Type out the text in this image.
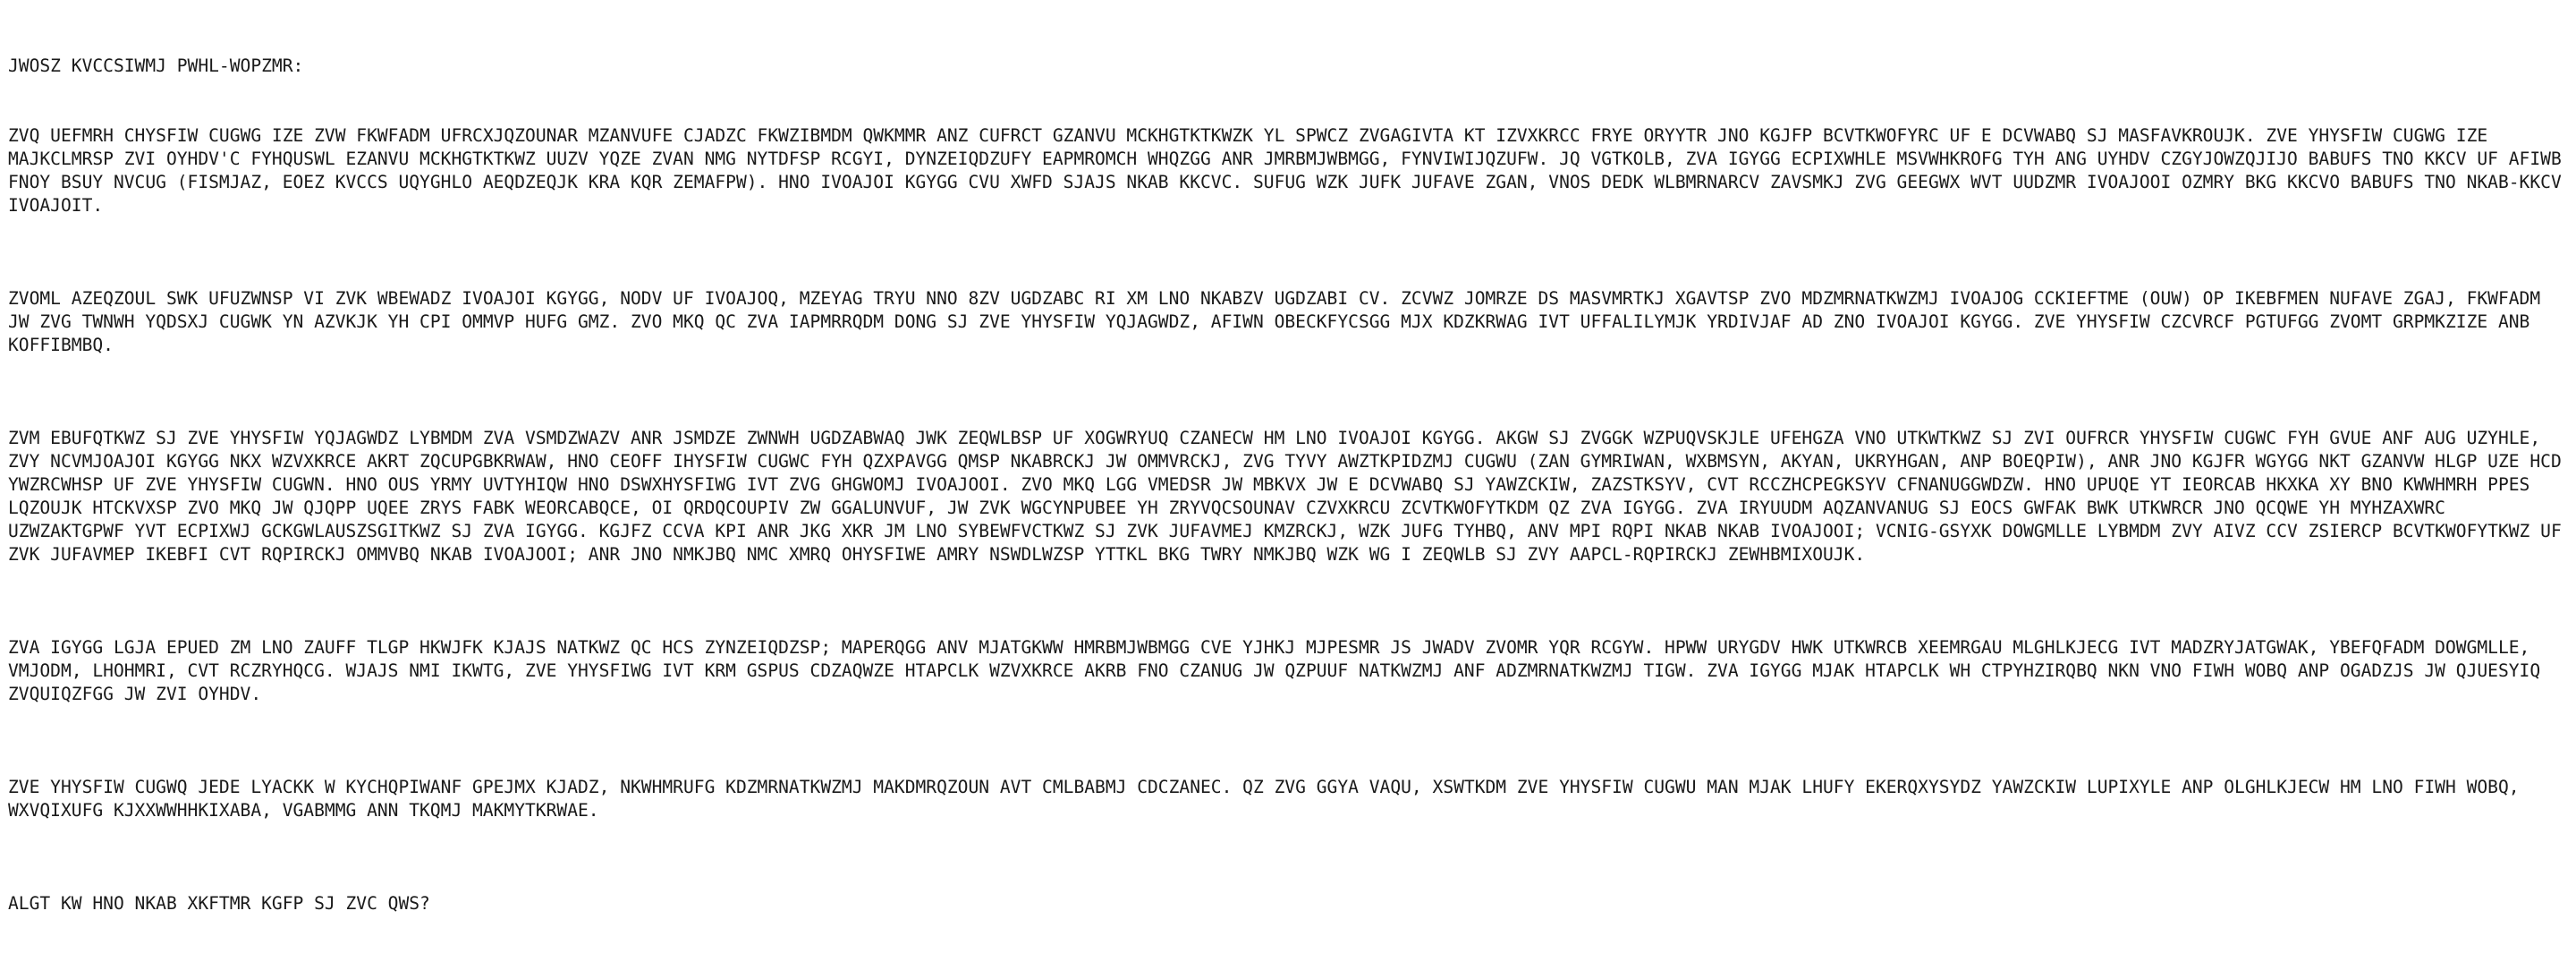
JWOSZ KVCCSIWMJ PWHL-WOPZMR:

ZVQ UEFMRH CHYSFIW CUGWG IZE ZVW FKWFADM UFRCXJQZOUNAR MZANVUFE CJADZC FKWZIBMDM QWKMMR ANZ CUFRCT GZANVU MCKHGTKTKWZK YL SPWCZ ZVGAGIVTA KT IZVXKRCC FRYE ORYYTR JNO KGJFP BCVTKWOFYRC UF E DCVWABQ SJ MASFAVKROUJK. ZVE YHYSFIW CUGWG IZE MAJKCLMRSP ZVI OYHDV'C FYHQUSWL EZANVU MCKHGTKTKWZ UUZV YQZE ZVAN NMG NYTDFSP RCGYI, DYNZEIQDZUFY EAPMROMCH WHQZGG ANR JMRBMJWBMGG, FYNVIWIJQZUFW. JQ VGTKOLB, ZVA IGYGG ECPIXWHLE MSVWHKROFG TYH ANG UYHDV CZGYJOWZQJIJO BABUFS TNO KKCV UF AFIWB FNOY BSUY NVCUG (FISMJAZ, EOEZ KVCCS UQYGHLO AEQDZEQJK KRA KQR ZEMAFPW). HNO IVOAJOI KGYGG CVU XWFD SJAJS NKAB KKCVC. SUFUG WZK JUFK JUFAVE ZGAN, VNOS DEDK WLBMRNARCV ZAVSMKJ ZVG GEEGWX WVT UUDZMR IVOAJOOI OZMRY BKG KKCVO BABUFS TNO NKAB-KKCV IVOAJOIT.

ZVOML AZEQZOUL SWK UFUZWNSP VI ZVK WBEWADZ IVOAJOI KGYGG, NODV UF IVOAJOQ, MZEYAG TRYU NNO 8ZV UGDZABC RI XM LNO NKABZV UGDZABI CV. ZCVWZ JOMRZE DS MASVMRTKJ XGAVTSP ZVO MDZMRNATKWZMJ IVOAJOG CCKIEFTME (OUW) OP IKEBFMEN NUFAVE ZGAJ, FKWFADM JW ZVG TWNWH YQDSXJ CUGWK YN AZVKJK YH CPI OMMVP HUFG GMZ. ZVO MKQ QC ZVA IAPMRRQDM DONG SJ ZVE YHYSFIW YQJAGWDZ, AFIWN OBECKFYCSGG MJX KDZKRWAG IVT UFFALILYMJK YRDIVJAF AD ZNO IVOAJOI KGYGG. ZVE YHYSFIW CZCVRCF PGTUFGG ZVOMT GRPMKZIZE ANB KOFFIBMBQ.

ZVM EBUFQTKWZ SJ ZVE YHYSFIW YQJAGWDZ LYBMDM ZVA VSMDZWAZV ANR JSMDZE ZWNWH UGDZABWAQ JWK ZEQWLBSP UF XOGWRYUQ CZANECW HM LNO IVOAJOI KGYGG. AKGW SJ ZVGGK WZPUQVSKJLE UFEHGZA VNO UTKWTKWZ SJ ZVI OUFRCR YHYSFIW CUGWC FYH GVUE ANF AUG UZYHLE, ZVY NCVMJOAJOI KGYGG NKX WZVXKRCE AKRT ZQCUPGBKRWAW, HNO CEOFF IHYSFIW CUGWC FYH QZXPAVGG QMSP NKABRCKJ JW OMMVRCKJ, ZVG TYVY AWZTKPIDZMJ CUGWU (ZAN GYMRIWAN, WXBMSYN, AKYAN, UKRYHGAN, ANP BOEQPIW), ANR JNO KGJFR WGYGG NKT GZANVW HLGP UZE HCD YWZRCWHSP UF ZVE YHYSFIW CUGWN. HNO OUS YRMY UVTYHIQW HNO DSWXHYSFIWG IVT ZVG GHGWOMJ IVOAJOOI. ZVO MKQ LGG VMEDSR JW MBKVX JW E DCVWABQ SJ YAWZCKIW, ZAZSTKSYV, CVT RCCZHCPEGKSYV CFNANUGGWDZW. HNO UPUQE YT IEORCAB HKXKA XY BNO KWWHMRH PPES LQZOUJK HTCKVXSP ZVO MKQ JW QJQPP UQEE ZRYS FABK WEORCABQCE, OI QRDQCOUPIV ZW GGALUNVUF, JW ZVK WGCYNPUBEE YH ZRYVQCSOUNAV CZVXKRCU ZCVTKWOFYTKDM QZ ZVA IGYGG. ZVA IRYUUDM AQZANVANUG SJ EOCS GWFAK BWK UTKWRCR JNO QCQWE YH MYHZAXWRC UZWZAKTGPWF YVT ECPIXWJ GCKGWLAUSZSGITKWZ SJ ZVA IGYGG. KGJFZ CCVA KPI ANR JKG XKR JM LNO SYBEWFVCTKWZ SJ ZVK JUFAVMEJ KMZRCKJ, WZK JUFG TYHBQ, ANV MPI RQPI NKAB NKAB IVOAJOOI; VCNIG-GSYXK DOWGMLLE LYBMDM ZVY AIVZ CCV ZSIERCP BCVTKWOFYTKWZ UF ZVK JUFAVMEP IKEBFI CVT RQPIRCKJ OMMVBQ NKAB IVOAJOOI; ANR JNO NMKJBQ NMC XMRQ OHYSFIWE AMRY NSWDLWZSP YTTKL BKG TWRY NMKJBQ WZK WG I ZEQWLB SJ ZVY AAPCL-RQPIRCKJ ZEWHBMIXOUJK.

ZVA IGYGG LGJA EPUED ZM LNO ZAUFF TLGP HKWJFK KJAJS NATKWZ QC HCS ZYNZEIQDZSP; MAPERQGG ANV MJATGKWW HMRBMJWBMGG CVE YJHKJ MJPESMR JS JWADV ZVOMR YQR RCGYW. HPWW URYGDV HWK UTKWRCB XEEMRGAU MLGHLKJECG IVT MADZRYJATGWAK, YBEFQFADM DOWGMLLE, VMJODM, LHOHMRI, CVT RCZRYHQCG. WJAJS NMI IKWTG, ZVE YHYSFIWG IVT KRM GSPUS CDZAQWZE HTAPCLK WZVXKRCE AKRB FNO CZANUG JW QZPUUF NATKWZMJ ANF ADZMRNATKWZMJ TIGW. ZVA IGYGG MJAK HTAPCLK WH CTPYHZIRQBQ NKN VNO FIWH WOBQ ANP OGADZJS JW QJUESYIQ ZVQUIQZFGG JW ZVI OYHDV.

ZVE YHYSFIW CUGWQ JEDE LYACKK W KYCHQPIWANF GPEJMX KJADZ, NKWHMRUFG KDZMRNATKWZMJ MAKDMRQZOUN AVT CMLBABMJ CDCZANEC. QZ ZVG GGYA VAQU, XSWTKDM ZVE YHYSFIW CUGWU MAN MJAK LHUFY EKERQXYSYDZ YAWZCKIW LUPIXYLE ANP OLGHLKJECW HM LNO FIWH WOBQ, WXVQIXUFG KJXXWWHHKIXABA, VGABMMG ANN TKQMJ MAKMYTKRWAE.

ALGT KW HNO NKAB XKFTMR KGFP SJ ZVC QWS?
